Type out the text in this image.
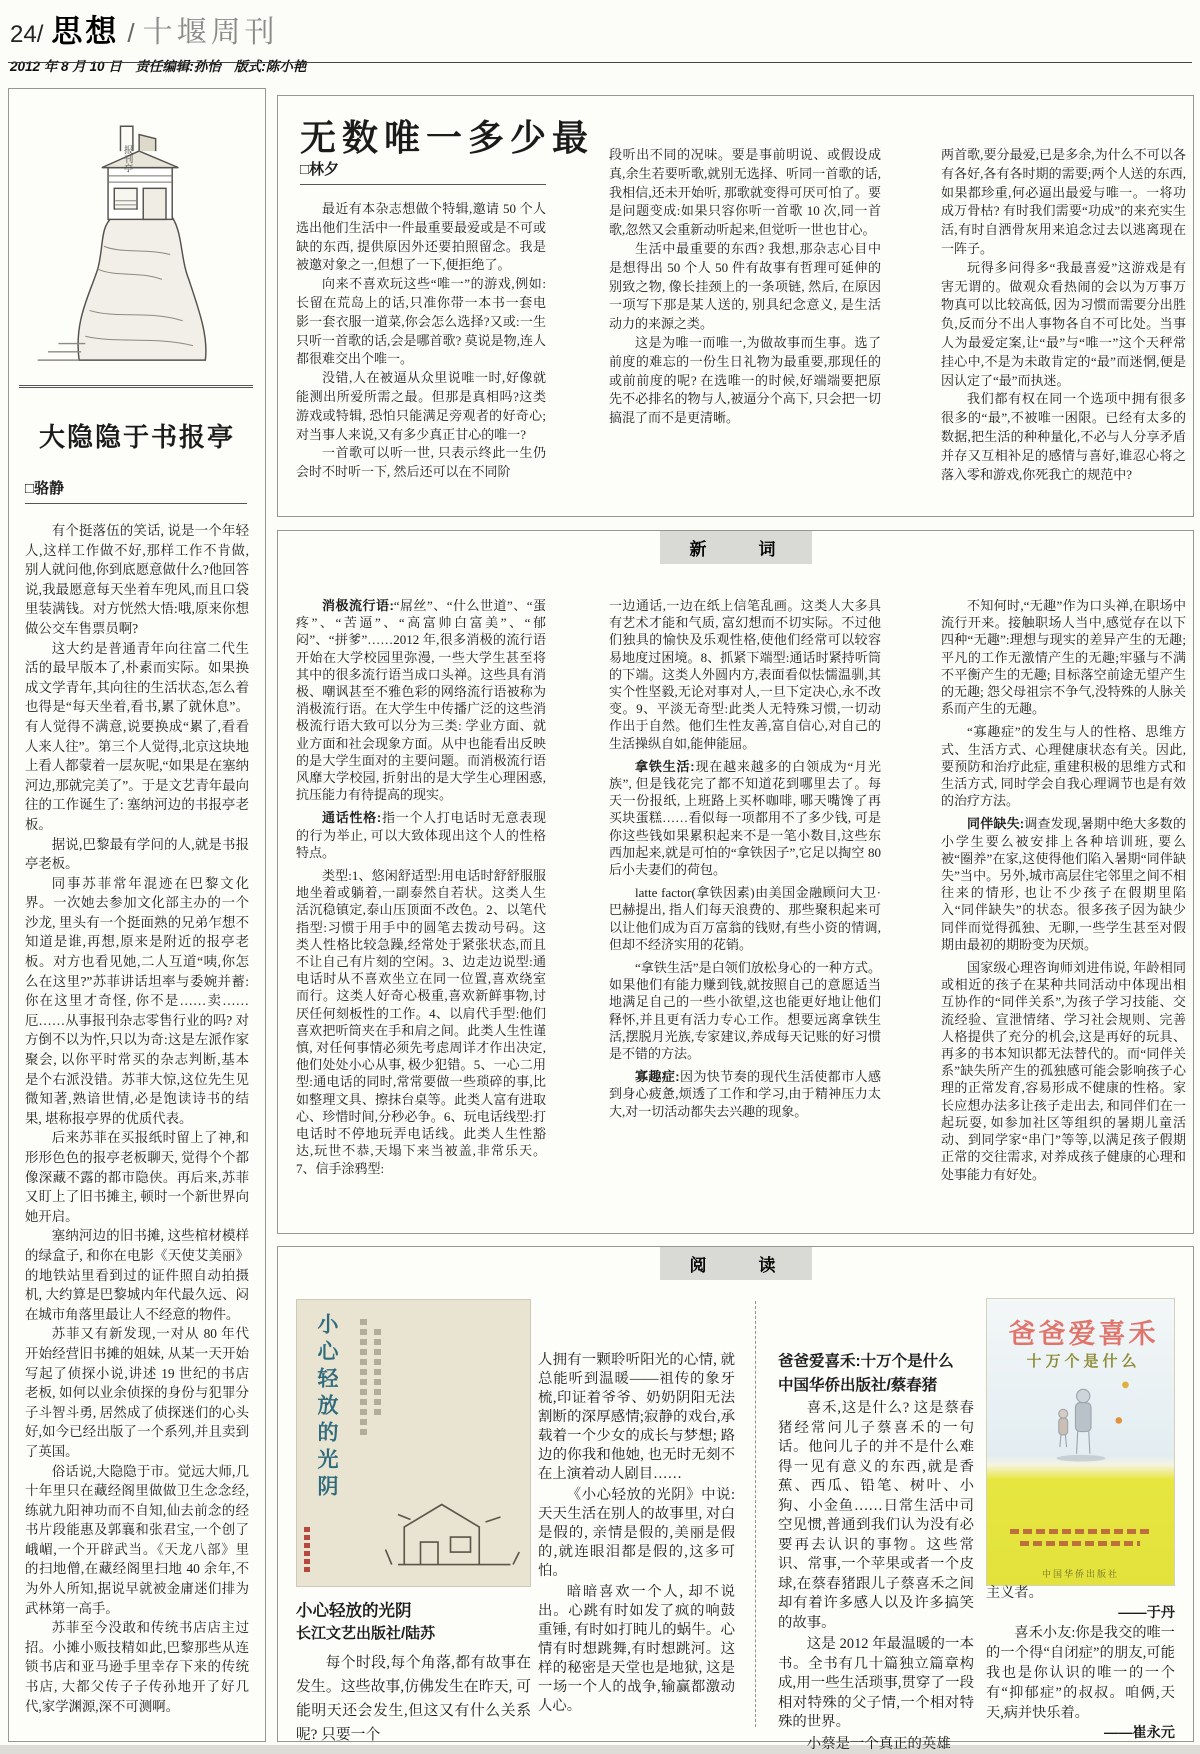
24/ 思想 / 十堰周刊
2012 年 8 月 10 日　责任编辑:孙怡　版式:陈小艳
报刊亭
大隐隐于书报亭
□骆静

有个挺落伍的笑话, 说是一个年轻人,这样工作做不好,那样工作不肯做,别人就问他,你到底愿意做什么?他回答说,我最愿意每天坐着车兜风,而且口袋里装满钱。对方恍然大悟:哦,原来你想做公交车售票员啊?

这大约是普通青年向往富二代生活的最早版本了,朴素而实际。如果换成文学青年,其向往的生活状态,怎么着也得是“每天坐着,看书,累了就休息”。有人觉得不满意,说要换成“累了,看看人来人往”。第三个人觉得,北京这块地上看人都蒙着一层灰呢,“如果是在塞纳河边,那就完美了”。于是文艺青年最向往的工作诞生了: 塞纳河边的书报亭老板。

据说,巴黎最有学问的人,就是书报亭老板。

同事苏菲常年混迹在巴黎文化界。一次她去参加文化部主办的一个沙龙, 里头有一个挺面熟的兄弟乍想不知道是谁,再想,原来是附近的报亭老板。对方也看见她,二人互道“咦,你怎么在这里?”苏菲讲话坦率与委婉并蓄: 你在这里才奇怪, 你不是……卖……厄……从事报刊杂志零售行业的吗? 对方倒不以为忤,只以为奇:这是左派作家聚会, 以你平时常买的杂志判断,基本是个右派没错。苏菲大惊,这位先生见微知著,熟谙世情,必是饱读诗书的结果, 堪称报亭界的优质代表。

后来苏菲在买报纸时留上了神,和形形色色的报亭老板聊天, 觉得个个都像深藏不露的都市隐侠。再后来,苏菲又盯上了旧书摊主, 顿时一个新世界向她开启。

塞纳河边的旧书摊, 这些棺材模样的绿盒子, 和你在电影《天使艾美丽》的地铁站里看到过的证件照自动拍摄机, 大约算是巴黎城内年代最久远、闷在城市角落里最让人不经意的物件。

苏菲又有新发现,一对从 80 年代开始经营旧书摊的姐妹, 从某一天开始写起了侦探小说,讲述 19 世纪的书店老板, 如何以业余侦探的身份与犯罪分子斗智斗勇, 居然成了侦探迷们的心头好,如今已经出版了一个系列,并且卖到了英国。

俗话说,大隐隐于市。觉远大师,几十年里只在藏经阁里做做卫生念念经,练就九阳神功而不自知,仙去前念的经书片段能惠及郭襄和张君宝,一个创了峨嵋,一个开辟武当。《天龙八部》里的扫地僧,在藏经阁里扫地 40 余年,不为外人所知,据说早就被金庸迷们排为武林第一高手。

苏菲至今没敢和传统书店店主过招。小摊小贩技精如此,巴黎那些从连锁书店和亚马逊手里幸存下来的传统书店, 大都父传子子传孙地开了好几代,家学渊源,深不可测啊。

无数唯一多少最
□林夕

最近有本杂志想做个特辑,邀请 50 个人选出他们生活中一件最重要最爱或是不可或缺的东西, 提供原因外还要拍照留念。我是被邀对象之一,但想了一下,便拒绝了。

向来不喜欢玩这些“唯一”的游戏,例如:长留在荒岛上的话,只准你带一本书一套电影一套衣服一道菜,你会怎么选择?又或:一生只听一首歌的话,会是哪首歌? 莫说是物,连人都很难交出个唯一。

没错,人在被逼从众里说唯一时,好像就能测出所爱所需之最。但那是真相吗?这类游戏或特辑, 恐怕只能满足旁观者的好奇心;对当事人来说,又有多少真正甘心的唯一?

一首歌可以听一世, 只表示终此一生仍会时不时听一下, 然后还可以在不同阶

段听出不同的况味。要是事前明说、或假设成真,余生若要听歌,就别无选择、听同一首歌的话,我相信,还未开始听, 那歌就变得可厌可怕了。要是问题变成:如果只容你听一首歌 10 次,同一首歌,忽然又会重新动听起来,但觉听一世也甘心。

生活中最重要的东西? 我想,那杂志心目中是想得出 50 个人 50 件有故事有哲理可延伸的别致之物, 像长挂颈上的一条项链, 然后, 在原因一项写下那是某人送的, 别具纪念意义, 是生活动力的来源之类。

这是为唯一而唯一,为做故事而生事。选了前度的难忘的一份生日礼物为最重要,那现任的或前前度的呢? 在选唯一的时候,好端端要把原先不必排名的物与人,被逼分个高下, 只会把一切搞混了而不是更清晰。

两首歌,要分最爱,已是多余,为什么不可以各有各好,各有各时期的需要;两个人送的东西,如果都珍重,何必逼出最爱与唯一。一将功成万骨枯? 有时我们需要“功成”的来充实生活,有时自洒骨灰用来追念过去以逃离现在一阵子。

玩得多问得多“我最喜爱”这游戏是有害无谓的。做观众看热闹的会以为万事万物真可以比较高低, 因为习惯而需要分出胜负,反而分不出人事物各自不可比处。当事人为最爱定案,让“最”与“唯一”这个天秤常挂心中,不是为未敢肯定的“最”而迷惘,便是因认定了“最”而执迷。

我们都有权在同一个选项中拥有很多很多的“最”,不被唯一困限。已经有太多的数据,把生活的种种量化,不必与人分享矛盾并存又互相补足的感情与喜好,谁忍心将之落入零和游戏,你死我亡的规范中?

新　　词

消极流行语:“屌丝”、“什么世道”、“蛋疼”、“苦逼”、“高富帅白富美”、“郁闷”、“拼爹”……2012 年,很多消极的流行语开始在大学校园里弥漫, 一些大学生甚至将其中的很多流行语当成口头禅。这些具有消极、嘲讽甚至不雅色彩的网络流行语被称为消极流行语。在大学生中传播广泛的这些消极流行语大致可以分为三类: 学业方面、就业方面和社会现象方面。从中也能看出反映的是大学生面对的主要问题。而消极流行语风靡大学校园, 折射出的是大学生心理困惑,抗压能力有待提高的现实。

通话性格:指一个人打电话时无意表现的行为举止, 可以大致体现出这个人的性格特点。

类型:1、悠闲舒适型:用电话时舒舒服服地坐着或躺着,一副泰然自若状。这类人生活沉稳镇定,泰山压顶面不改色。2、以笔代指型:习惯于用手中的圆笔去拨动号码。这类人性格比较急躁,经常处于紧张状态,而且不让自己有片刻的空闲。3、边走边说型:通电话时从不喜欢坐立在同一位置,喜欢绕室而行。这类人好奇心极重,喜欢新鲜事物,讨厌任何刻板性的工作。4、以肩代手型:他们喜欢把听筒夹在手和肩之间。此类人生性谨慎, 对任何事情必须先考虑周详才作出决定, 他们处处小心从事, 极少犯错。5、一心二用型:通电话的同时,常常要做一些琐碎的事,比如整理文具、擦抹台桌等。此类人富有进取心、珍惜时间,分秒必争。6、玩电话线型:打电话时不停地玩弄电话线。此类人生性豁达,玩世不恭,天塌下来当被盖,非常乐天。7、信手涂鸦型:

一边通话,一边在纸上信笔乱画。这类人大多具有艺术才能和气质, 富幻想而不切实际。不过他们独具的愉快及乐观性格,使他们经常可以较容易地度过困境。8、抓紧下端型:通话时紧持听筒的下端。这类人外圆内方,表面看似怯懦温驯,其实个性坚毅,无论对事对人,一旦下定决心,永不改变。9、平淡无奇型:此类人无特殊习惯,一切动作出于自然。他们生性友善,富自信心,对自己的生活操纵自如,能伸能屈。

拿铁生活:现在越来越多的白领成为“月光族”, 但是钱花完了都不知道花到哪里去了。每天一份报纸, 上班路上买杯咖啡, 哪天嘴馋了再买块蛋糕……看似每一项都用不了多少钱, 可是你这些钱如果累积起来不是一笔小数目,这些东西加起来,就是可怕的“拿铁因子”,它足以掏空 80 后小夫妻们的荷包。

latte factor(拿铁因素)由美国金融顾问大卫·巴赫提出, 指人们每天浪费的、那些聚积起来可以让他们成为百万富翁的钱财,有些小资的情调,但却不经济实用的花销。

“拿铁生活”是白领们放松身心的一种方式。如果他们有能力赚到钱,就按照自己的意愿适当地满足自己的一些小欲望,这也能更好地让他们释怀,并且更有活力专心工作。想要远离拿铁生活,摆脱月光族,专家建议,养成每天记账的好习惯是不错的方法。

寡趣症:因为快节奏的现代生活使都市人感到身心疲惫,烦透了工作和学习,由于精神压力太大,对一切活动都失去兴趣的现象。

不知何时,“无趣”作为口头禅,在职场中流行开来。接触职场人当中,感觉存在以下四种“无趣”:理想与现实的差异产生的无趣;平凡的工作无激情产生的无趣;牢骚与不满不平衡产生的无趣; 目标落空前途无望产生的无趣; 怨父母祖宗不争气,没特殊的人脉关系而产生的无趣。

“寡趣症”的发生与人的性格、思维方式、生活方式、心理健康状态有关。因此,要预防和治疗此症, 重建积极的思维方式和生活方式, 同时学会自我心理调节也是有效的治疗方法。

同伴缺失:调查发现,暑期中绝大多数的小学生要么被安排上各种培训班, 要么被“圈养”在家,这使得他们陷入暑期“同伴缺失”当中。另外,城市高层住宅邻里之间不相往来的情形, 也让不少孩子在假期里陷入“同伴缺失”的状态。很多孩子因为缺少同伴而觉得孤独、无聊,一些学生甚至对假期由最初的期盼变为厌烦。

国家级心理咨询师刘进伟说, 年龄相同或相近的孩子在某种共同活动中体现出相互协作的“同伴关系”,为孩子学习技能、交流经验、宣泄情绪、学习社会规则、完善人格提供了充分的机会,这是再好的玩具、再多的书本知识都无法替代的。而“同伴关系”缺失所产生的孤独感可能会影响孩子心理的正常发育,容易形成不健康的性格。家长应想办法多让孩子走出去, 和同伴们在一起玩耍, 如参加社区等组织的暑期儿童活动、到同学家“串门”等等,以满足孩子假期正常的交往需求, 对养成孩子健康的心理和处事能力有好处。

阅　　读
小心轻放的光阴
小心轻放的光阴
长江文艺出版社/陆苏

每个时段,每个角落,都有故事在发生。这些故事,仿佛发生在昨天, 可能明天还会发生,但这又有什么关系呢? 只要一个

人拥有一颗聆听阳光的心情, 就总能听到温暖——祖传的象牙梳,印证着爷爷、奶奶阴阳无法割断的深厚感情;寂静的戏台,承载着一个少女的成长与梦想; 路边的你我和他她, 也无时无刻不在上演着动人剧目……

《小心轻放的光阴》中说: 天天生活在别人的故事里, 对白是假的, 亲情是假的,美丽是假的,就连眼泪都是假的,这多可怕。

暗暗喜欢一个人, 却不说出。心跳有时如发了疯的响鼓重锤, 有时如打盹儿的蜗牛。心情有时想跳舞,有时想跳河。这样的秘密是天堂也是地狱, 这是一场一个人的战争,输赢都激动人心。

爸爸爱喜禾:十万个是什么

中国华侨出版社/蔡春猪

喜禾,这是什么? 这是蔡春猪经常问儿子蔡喜禾的一句话。他问儿子的并不是什么难得一见有意义的东西,就是香蕉、西瓜、铅笔、树叶、小狗、小金鱼……日常生活中司空见惯,普通到我们认为没有必要再去认识的事物。这些常识、常事,一个苹果或者一个皮球,在蔡春猪跟儿子蔡喜禾之间却有着许多感人以及许多搞笑的故事。

这是 2012 年最温暖的一本书。全书有几十篇独立篇章构成,用一些生活琐事,贯穿了一段相对特殊的父子情,一个相对特殊的世界。

小蔡是一个真正的英雄

爸爸爱喜禾
十万个是什么
中国华侨出版社

主义者。

——于丹

喜禾小友:你是我交的唯一的一个得“自闭症”的朋友,可能我也是你认识的唯一的一个有“抑郁症”的叔叔。咱俩,天天,病并快乐着。

——崔永元
